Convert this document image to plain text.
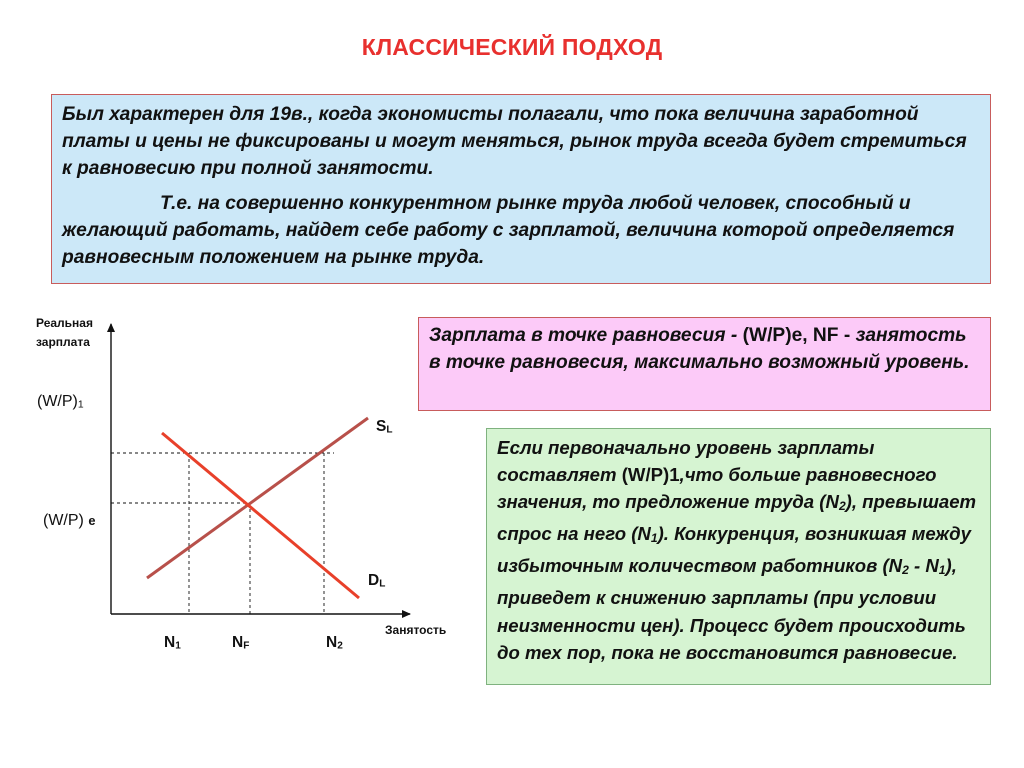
КЛАССИЧЕСКИЙ ПОДХОД

Был характерен для 19в., когда экономисты полагали, что пока величина заработной платы и цены не фиксированы и могут меняться, рынок труда всегда будет стремиться к равновесию при полной занятости.

Т.е. на совершенно конкурентном рынке труда любой человек, способный и желающий работать, найдет себе работу с зарплатой, величина которой определяется равновесным положением на рынке труда.

Зарплата в точке равновесия - (W/P)e, NF - занятость в точке равновесия, максимально возможный уровень.
Если первоначально уровень зарплаты составляет (W/P)1,что больше равновесного значения, то предложение труда $(N_2)$, превышает спрос на него $(N_1)$. Конкуренция, возникшая между избыточным количеством работников $(N_2 - N_1)$, приведет к снижению зарплаты (при условии неизменности цен). Процесс будет происходить до тех пор, пока не восстановится равновесие.
Реальная
зарплата
Занятость
$(W/P)_1$
(W/P) e
$S_L$
$D_L$
$N_1$	$N_F$	$N_2$
